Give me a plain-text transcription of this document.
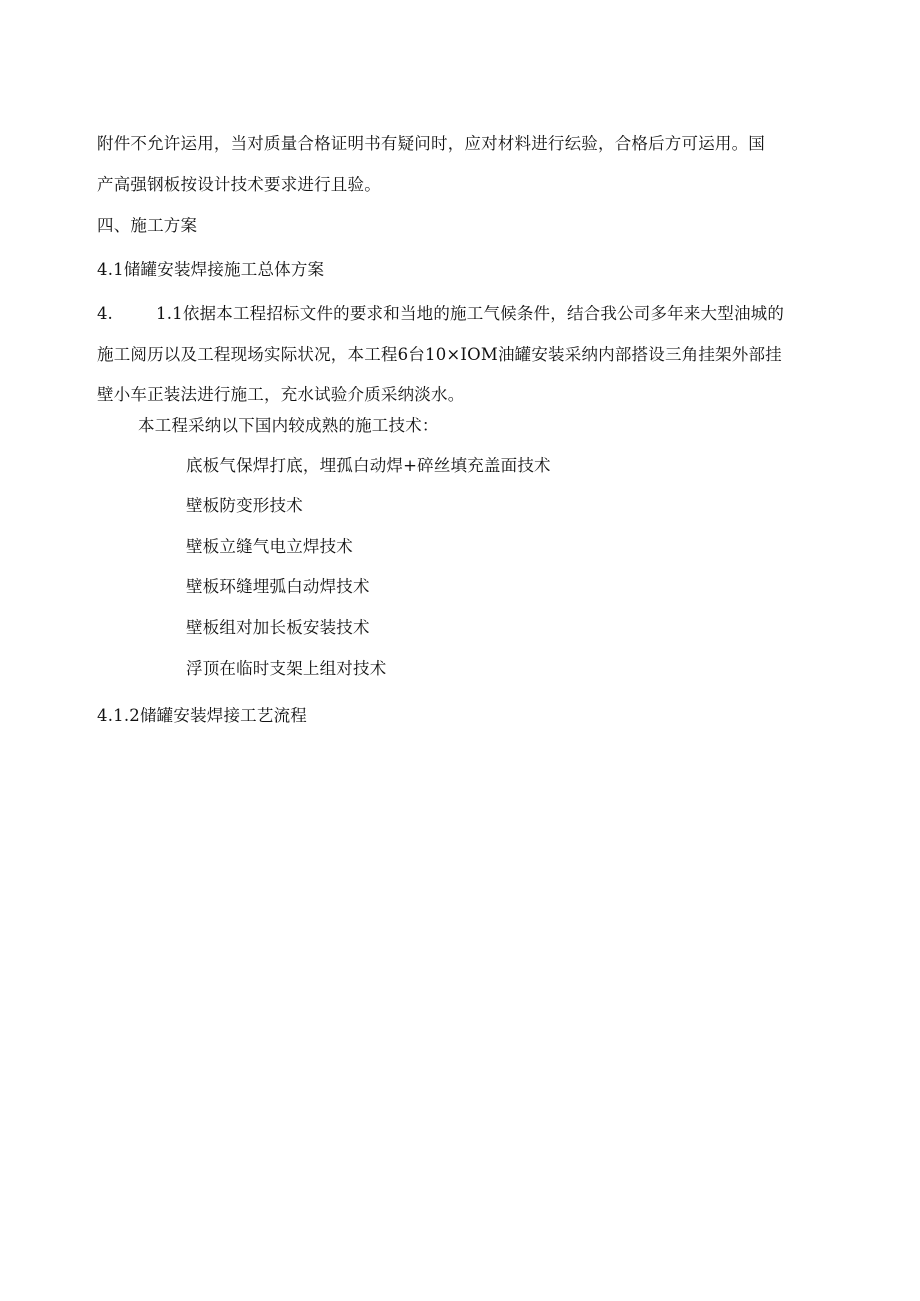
附件不允许运用，当对质量合格证明书有疑问时，应对材料进行纭验，合格后方可运用。国
产高强钢板按设计技术要求进行且验。
四、施工方案
4.1储罐安装焊接施工总体方案
4.	1.1依据本工程招标文件的要求和当地的施工气候条件，结合我公司多年来大型油城的
施工阅历以及工程现场实际状况，本工程6台10×IOM油罐安装采纳内部搭设三角挂架外部挂
壁小车正装法进行施工，充水试验介质采纳淡水。
本工程采纳以下国内较成熟的施工技术：
底板气保焊打底，埋孤白动焊+碎丝填充盖面技术
壁板防变形技术
壁板立缝气电立焊技术
壁板环缝埋弧白动焊技术
壁板组对加长板安装技术
浮顶在临时支架上组对技术
4.1.2储罐安装焊接工艺流程
